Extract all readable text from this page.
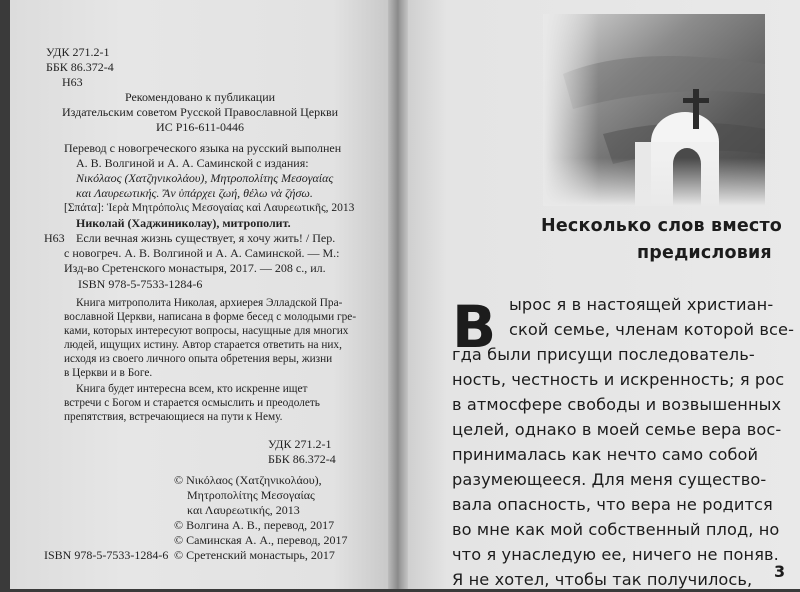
УДК 271.2-1
ББК 86.372-4
Н63
Рекомендовано к публикации
Издательским советом Русской Православной Церкви
ИС Р16-611-0446
Перевод с новогреческого языка на русский выполнен
А. В. Волгиной и А. А. Саминской с издания:
Νικόλαος (Χατζηνικολάου), Μητροπολίτης Μεσογαίας
και Λαυρεωτικής. Ἂν ὑπάρχει ζωή, θέλω νὰ ζήσω.
[Σπάτα]: Ἱερὰ Μητρόπολις Μεσογαίας καὶ Λαυρεωτικῆς, 2013
Николай (Хаджиниколау), митрополит.
Н63 Если вечная жизнь существует, я хочу жить! / Пер.
с новогреч. А. В. Волгиной и А. А. Саминской. — М.:
Изд-во Сретенского монастыря, 2017. — 208 с., ил.
ISBN 978-5-7533-1284-6
Книга митрополита Николая, архиерея Элладской Пра-
вославной Церкви, написана в форме бесед с молодыми гре-
ками, которых интересуют вопросы, насущные для многих
людей, ищущих истину. Автор старается ответить на них,
исходя из своего личного опыта обретения веры, жизни
в Церкви и в Боге.
Книга будет интересна всем, кто искренне ищет
встречи с Богом и старается осмыслить и преодолеть
препятствия, встречающиеся на пути к Нему.
УДК 271.2-1
ББК 86.372-4
© Νικόλαος (Χατζηνικολάου),
Μητροπολίτης Μεσογαίας
και Λαυρεωτικής, 2013
© Волгина А. В., перевод, 2017
© Саминская А. А., перевод, 2017
© Сретенский монастырь, 2017
ISBN 978-5-7533-1284-6
Несколько слов вместо
предисловия
В ырос я в настоящей христиан-
ской семье, членам которой все-
гда были присущи последователь-
ность, честность и искренность; я рос
в атмосфере свободы и возвышенных
целей, однако в моей семье вера вос-
принималась как нечто само собой
разумеющееся. Для меня существо-
вала опасность, что вера не родится
во мне как мой собственный плод, но
что я унаследую ее, ничего не поняв.
Я не хотел, чтобы так получилось, 3
